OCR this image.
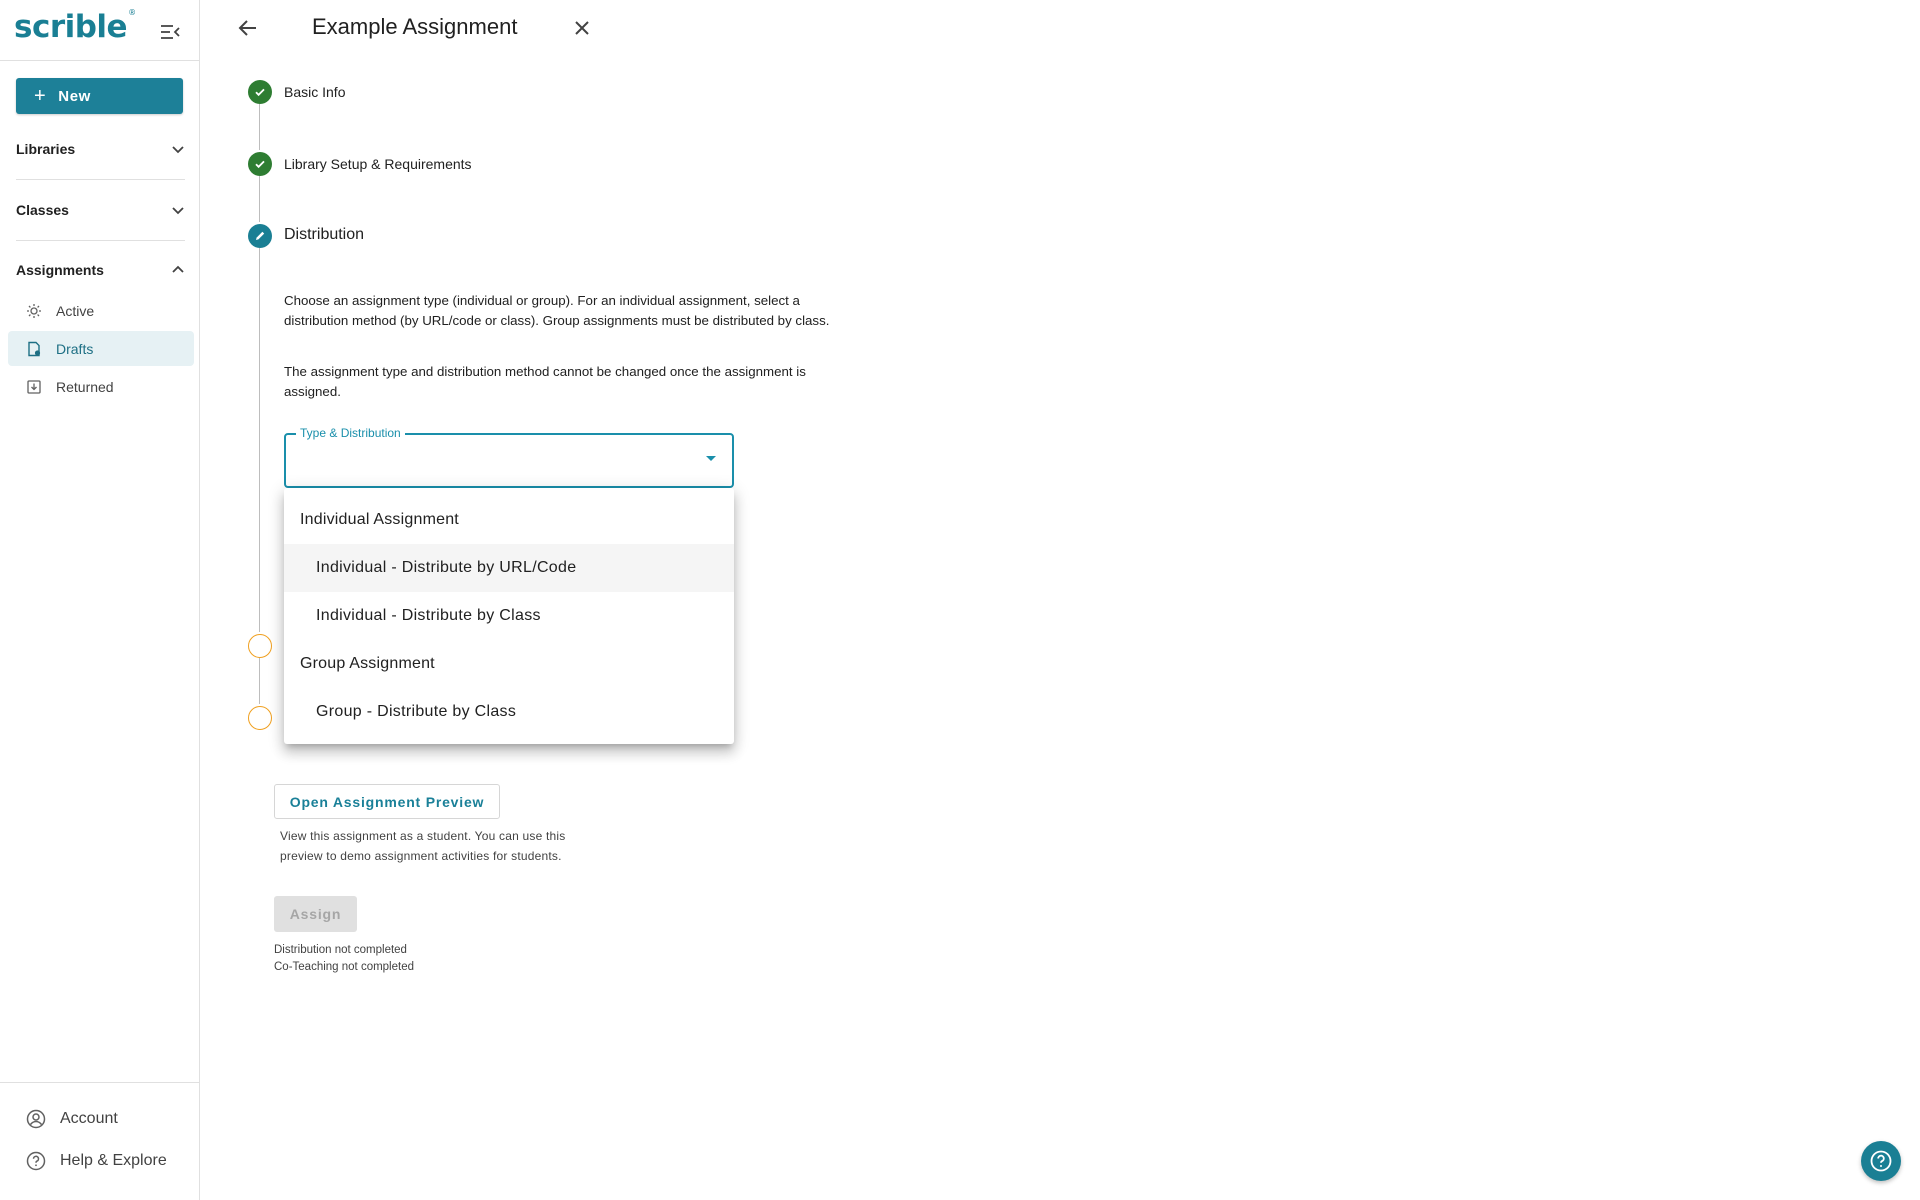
scrible®
+ New
Libraries
Classes
Assignments
Active
Drafts
Returned
Account
Help & Explore
Example Assignment
Basic Info
Library Setup & Requirements
Distribution
Choose an assignment type (individual or group). For an individual assignment, select a distribution method (by URL/code or class). Group assignments must be distributed by class.
The assignment type and distribution method cannot be changed once the assignment is assigned.
Type & Distribution
Individual Assignment
Individual - Distribute by URL/Code
Individual - Distribute by Class
Group Assignment
Group - Distribute by Class
Open Assignment Preview
View this assignment as a student. You can use this preview to demo assignment activities for students.
Assign
Distribution not completed
Co-Teaching not completed
